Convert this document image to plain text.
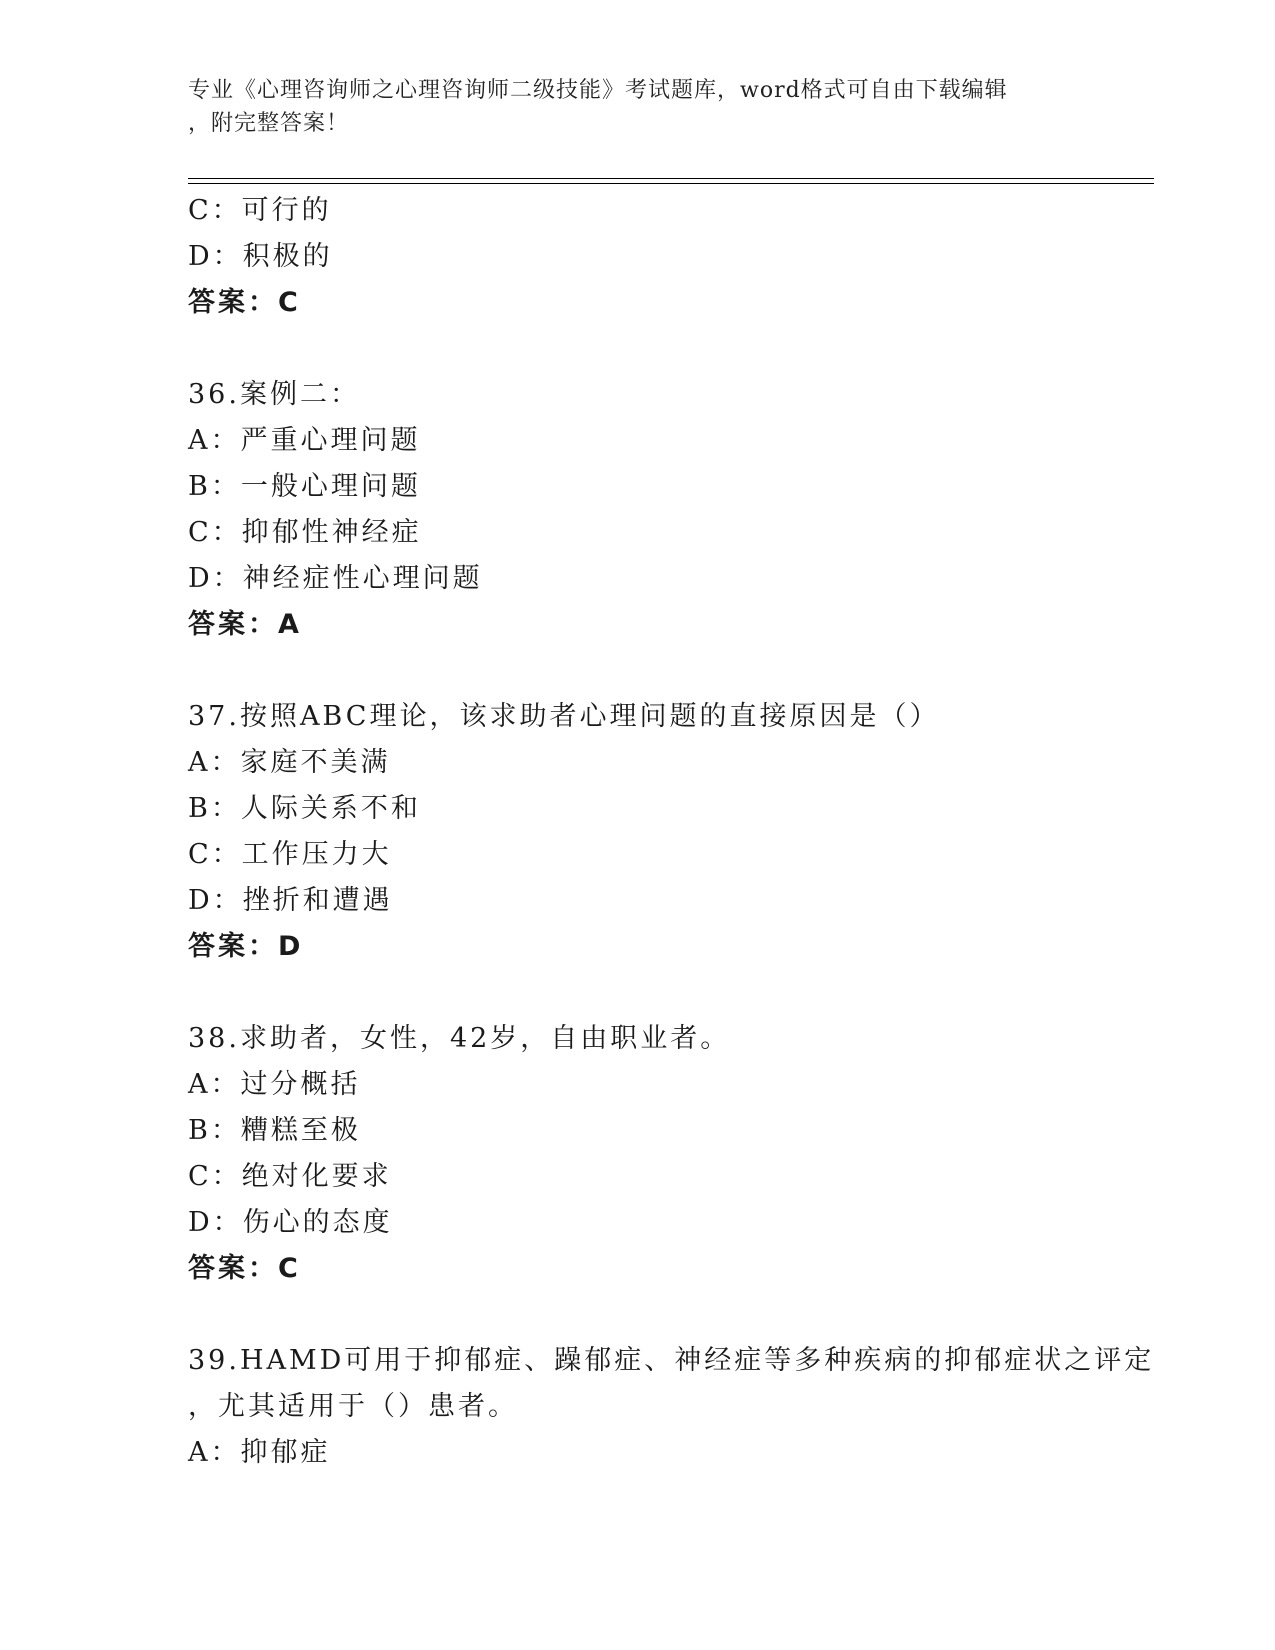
专业《心理咨询师之心理咨询师二级技能》考试题库，word格式可自由下载编辑
，附完整答案！
C：可行的
D：积极的
答案：C
36.案例二：
A：严重心理问题
B：一般心理问题
C：抑郁性神经症
D：神经症性心理问题
答案：A
37.按照ABC理论，该求助者心理问题的直接原因是（）
A：家庭不美满
B：人际关系不和
C：工作压力大
D：挫折和遭遇
答案：D
38.求助者，女性，42岁，自由职业者。
A：过分概括
B：糟糕至极
C：绝对化要求
D：伤心的态度
答案：C
39.HAMD可用于抑郁症、躁郁症、神经症等多种疾病的抑郁症状之评定
，尤其适用于（）患者。
A：抑郁症
